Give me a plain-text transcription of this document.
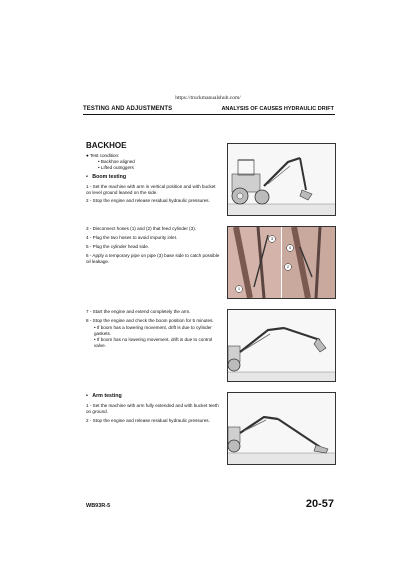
https://truckmanualshub.com/
TESTING AND ADJUSTMENTS	ANALYSIS OF CAUSES HYDRAULIC DRIFT
BACKHOE
● Test condition:
• Backhoe aligned
• Lifted outriggers
•   Boom testing
1 - Set the machine with arm in vertical position and with bucket on level ground leaned on the side.
2 - Stop the engine and release residual hydraulic pressures.
3 - Disconnect hoses (1) and (2) that feed cylinder (3).
4 - Plug the two hoses to avoid impurity inlet.
5 - Plug the cylinder head side.
6 - Apply a temporary pipe on pipe (3) base side to catch possible oil leakage.
7 - Start the engine and extend completely the arm.
8 - Stop the engine and check the boom position for 5 minutes.
• If boom has a lowering movement, drift is due to cylinder gaskets.
• If boom has no lowering movement, drift is due to control valve.
•   Arm testing
1 - Set the machine with arm fully extended and with bucket teeth on ground.
2 - Stop the engine and release residual hydraulic pressures.
3
4
2
1
WB93R-5	20-57
